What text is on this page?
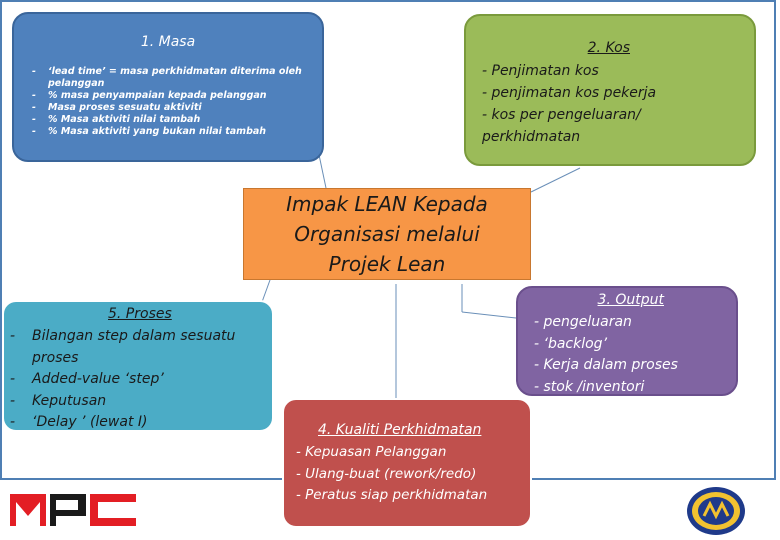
1. Masa
-	‘lead time’ = masa perkhidmatan diterima oleh pelanggan
-	% masa penyampaian kepada pelanggan
-	Masa proses sesuatu aktiviti
-	% Masa aktiviti nilai tambah
-	% Masa aktiviti yang bukan nilai tambah
2. Kos
- Penjimatan kos
- penjimatan kos pekerja
- kos per pengeluaran/
perkhidmatan
Impak LEAN Kepada
Organisasi melalui
Projek Lean
5. Proses
-	Bilangan step dalam sesuatu proses
-	Added-value ‘step’
-	Keputusan
-	‘Delay ’ (lewat I)
3. Output
- pengeluaran
- ‘backlog’
- Kerja dalam proses
- stok /inventori
4. Kualiti Perkhidmatan
- Kepuasan Pelanggan
- Ulang-buat (rework/redo)
- Peratus siap perkhidmatan
